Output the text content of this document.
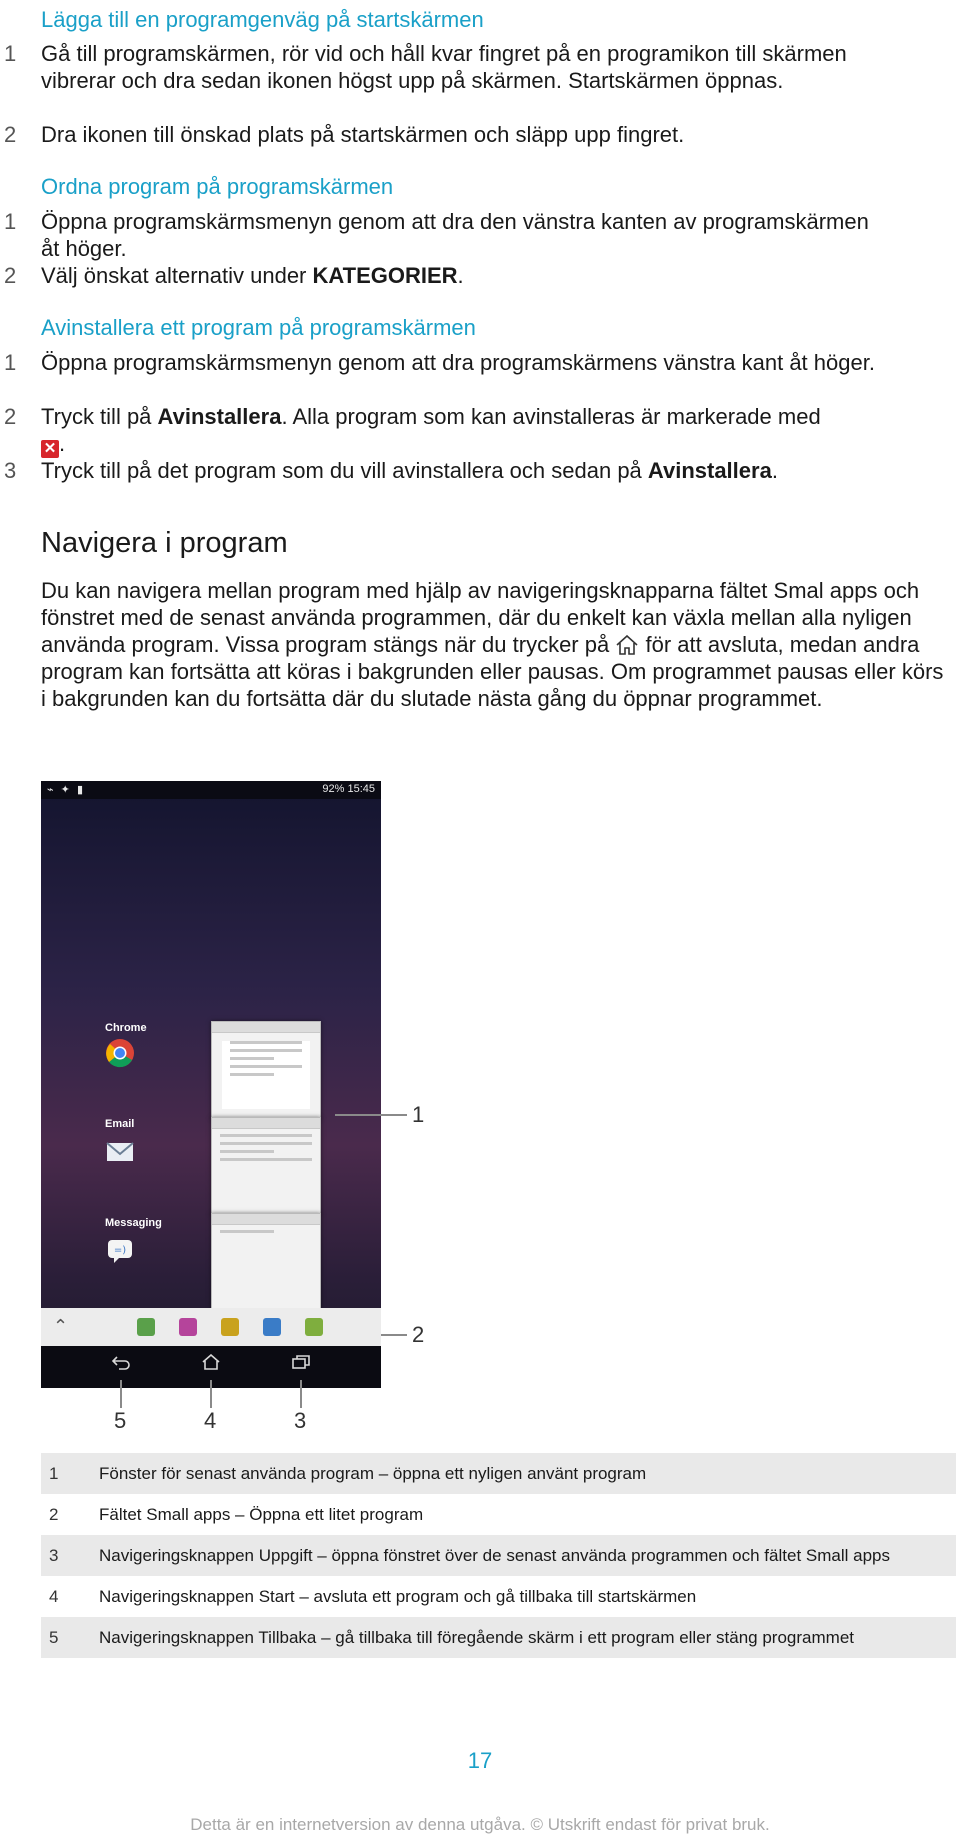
Lägga till en programgenväg på startskärmen
1 Gå till programskärmen, rör vid och håll kvar fingret på en programikon till skärmen vibrerar och dra sedan ikonen högst upp på skärmen. Startskärmen öppnas.
2 Dra ikonen till önskad plats på startskärmen och släpp upp fingret.
Ordna program på programskärmen
1 Öppna programskärmsmenyn genom att dra den vänstra kanten av programskärmen åt höger.
2 Välj önskat alternativ under KATEGORIER.
Avinstallera ett program på programskärmen
1 Öppna programskärmsmenyn genom att dra programskärmens vänstra kant åt höger.
2 Tryck till på Avinstallera. Alla program som kan avinstalleras är markerade med
✕ .
3 Tryck till på det program som du vill avinstallera och sedan på Avinstallera.
Navigera i program

Du kan navigera mellan program med hjälp av navigeringsknapparna fältet Smal apps och fönstret med de senast använda programmen, där du enkelt kan växla mellan alla nyligen använda program. Vissa program stängs när du trycker på för att avsluta, medan andra program kan fortsätta att köras i bakgrunden eller pausas. Om programmet pausas eller körs i bakgrunden kan du fortsätta där du slutade nästa gång du öppnar programmet.

⌁ ✦ ▮	92% 15:45
Chrome
Email
Messaging
=)
⌃
1
2
3
4
5
1	Fönster för senast använda program – öppna ett nyligen använt program
2	Fältet Small apps – Öppna ett litet program
3	Navigeringsknappen Uppgift – öppna fönstret över de senast använda programmen och fältet Small apps
4	Navigeringsknappen Start – avsluta ett program och gå tillbaka till startskärmen
5	Navigeringsknappen Tillbaka – gå tillbaka till föregående skärm i ett program eller stäng programmet
17
Detta är en internetversion av denna utgåva. © Utskrift endast för privat bruk.
